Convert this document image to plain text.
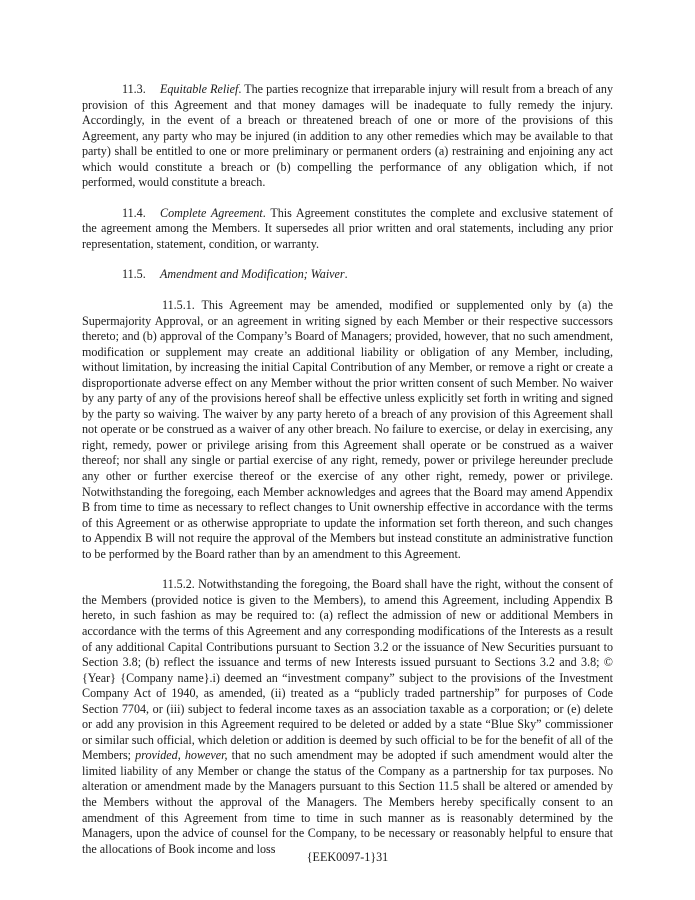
11.3. Equitable Relief. The parties recognize that irreparable injury will result from a breach of any provision of this Agreement and that money damages will be inadequate to fully remedy the injury. Accordingly, in the event of a breach or threatened breach of one or more of the provisions of this Agreement, any party who may be injured (in addition to any other remedies which may be available to that party) shall be entitled to one or more preliminary or permanent orders (a) restraining and enjoining any act which would constitute a breach or (b) compelling the performance of any obligation which, if not performed, would constitute a breach.

11.4. Complete Agreement. This Agreement constitutes the complete and exclusive statement of the agreement among the Members. It supersedes all prior written and oral statements, including any prior representation, statement, condition, or warranty.

11.5. Amendment and Modification; Waiver.

11.5.1. This Agreement may be amended, modified or supplemented only by (a) the Supermajority Approval, or an agreement in writing signed by each Member or their respective successors thereto; and (b) approval of the Company’s Board of Managers; provided, however, that no such amendment, modification or supplement may create an additional liability or obligation of any Member, including, without limitation, by increasing the initial Capital Contribution of any Member, or remove a right or create a disproportionate adverse effect on any Member without the prior written consent of such Member. No waiver by any party of any of the provisions hereof shall be effective unless explicitly set forth in writing and signed by the party so waiving. The waiver by any party hereto of a breach of any provision of this Agreement shall not operate or be construed as a waiver of any other breach. No failure to exercise, or delay in exercising, any right, remedy, power or privilege arising from this Agreement shall operate or be construed as a waiver thereof; nor shall any single or partial exercise of any right, remedy, power or privilege hereunder preclude any other or further exercise thereof or the exercise of any other right, remedy, power or privilege. Notwithstanding the foregoing, each Member acknowledges and agrees that the Board may amend Appendix B from time to time as necessary to reflect changes to Unit ownership effective in accordance with the terms of this Agreement or as otherwise appropriate to update the information set forth thereon, and such changes to Appendix B will not require the approval of the Members but instead constitute an administrative function to be performed by the Board rather than by an amendment to this Agreement.

11.5.2. Notwithstanding the foregoing, the Board shall have the right, without the consent of the Members (provided notice is given to the Members), to amend this Agreement, including Appendix B hereto, in such fashion as may be required to: (a) reflect the admission of new or additional Members in accordance with the terms of this Agreement and any corresponding modifications of the Interests as a result of any additional Capital Contributions pursuant to Section 3.2 or the issuance of New Securities pursuant to Section 3.8; (b) reflect the issuance and terms of new Interests issued pursuant to Sections 3.2 and 3.8; © {Year} {Company name}.i) deemed an “investment company” subject to the provisions of the Investment Company Act of 1940, as amended, (ii) treated as a “publicly traded partnership” for purposes of Code Section 7704, or (iii) subject to federal income taxes as an association taxable as a corporation; or (e) delete or add any provision in this Agreement required to be deleted or added by a state “Blue Sky” commissioner or similar such official, which deletion or addition is deemed by such official to be for the benefit of all of the Members; provided, however, that no such amendment may be adopted if such amendment would alter the limited liability of any Member or change the status of the Company as a partnership for tax purposes. No alteration or amendment made by the Managers pursuant to this Section 11.5 shall be altered or amended by the Members without the approval of the Managers. The Members hereby specifically consent to an amendment of this Agreement from time to time in such manner as is reasonably determined by the Managers, upon the advice of counsel for the Company, to be necessary or reasonably helpful to ensure that the allocations of Book income and loss

{EEK0097-1}31
